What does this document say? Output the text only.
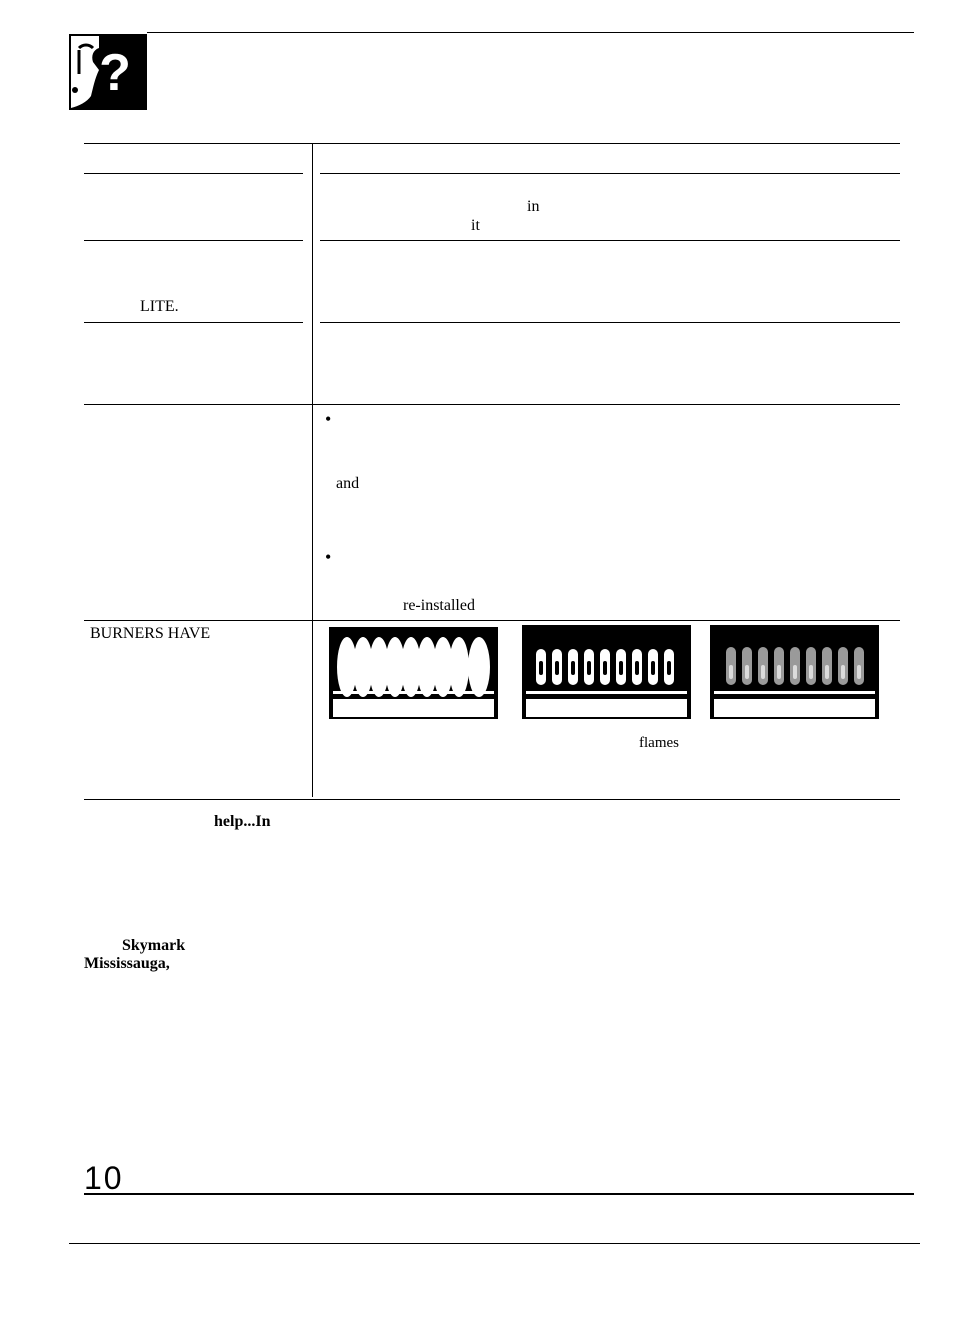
?
in
it
LITE.
•
and
•
re-installed
BURNERS HAVE
flames
help...In
Skymark
Mississauga,
10
